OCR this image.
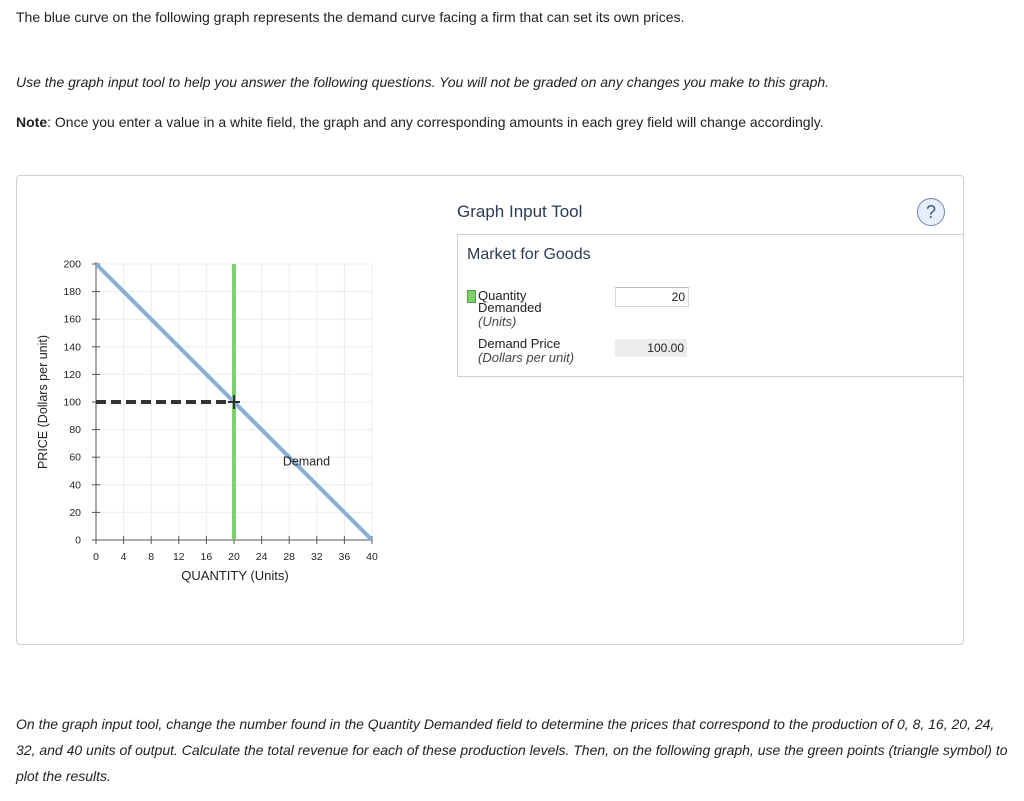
The blue curve on the following graph represents the demand curve facing a firm that can set its own prices.

Use the graph input tool to help you answer the following questions. You will not be graded on any changes you make to this graph.

Note: Once you enter a value in a white field, the graph and any corresponding amounts in each grey field will change accordingly.

0
20
40
60
80
100
120
140
160
180
200
0 4 8 12 16 20 24 28 32 36 40
QUANTITY (Units)
PRICE (Dollars per unit)	Demand
Graph Input Tool	?
Market for Goods
Quantity
Demanded
(Units)
20
Demand Price
(Dollars per unit)
100.00

On the graph input tool, change the number found in the Quantity Demanded field to determine the prices that correspond to the production of 0, 8, 16, 20, 24, 32, and 40 units of output. Calculate the total revenue for each of these production levels. Then, on the following graph, use the green points (triangle symbol) to plot the results.
